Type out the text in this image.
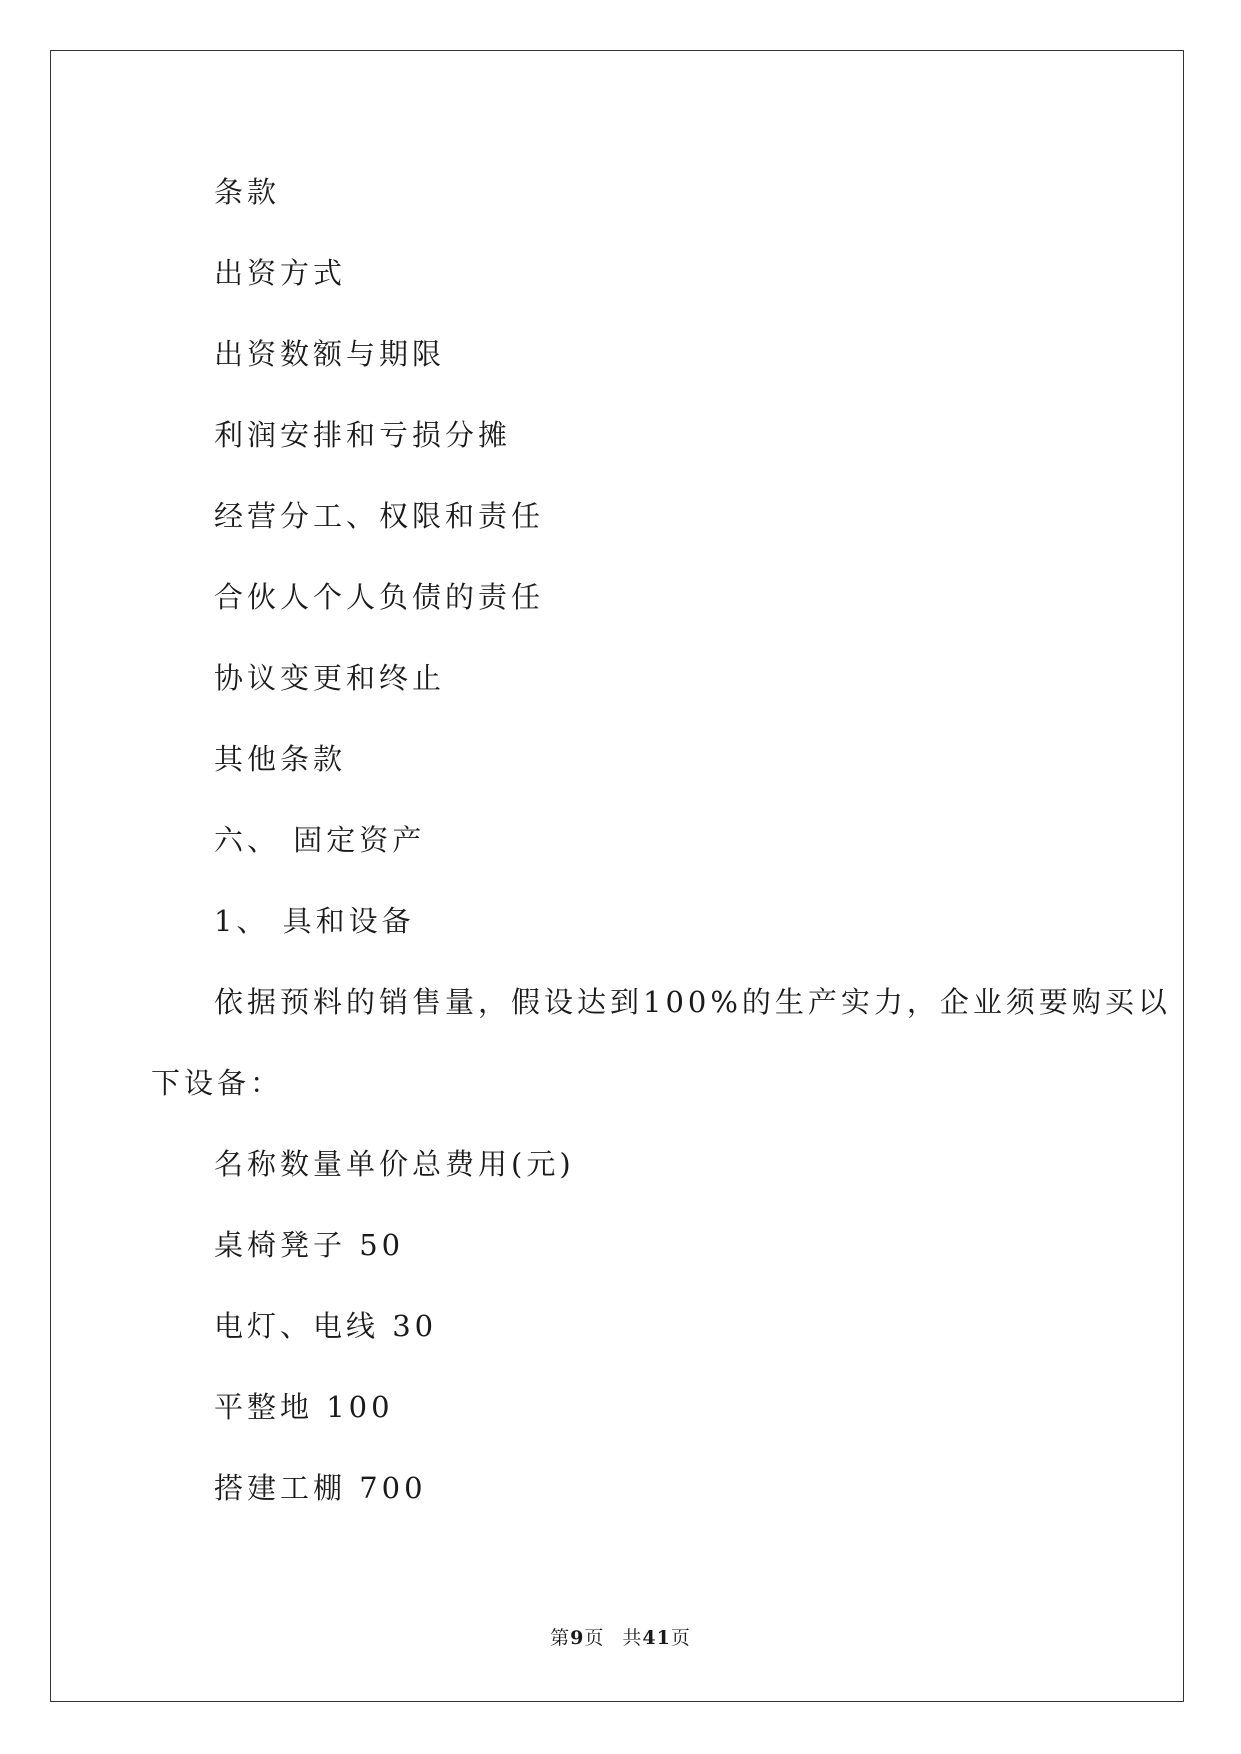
条款
出资方式
出资数额与期限
利润安排和亏损分摊
经营分工、权限和责任
合伙人个人负债的责任
协议变更和终止
其他条款
六、 固定资产
1、 具和设备
依据预料的销售量，假设达到100%的生产实力，企业须要购买以
下设备：
名称数量单价总费用(元)
桌椅凳子 50
电灯、电线 30
平整地 100
搭建工棚 700
第9页 共41页
